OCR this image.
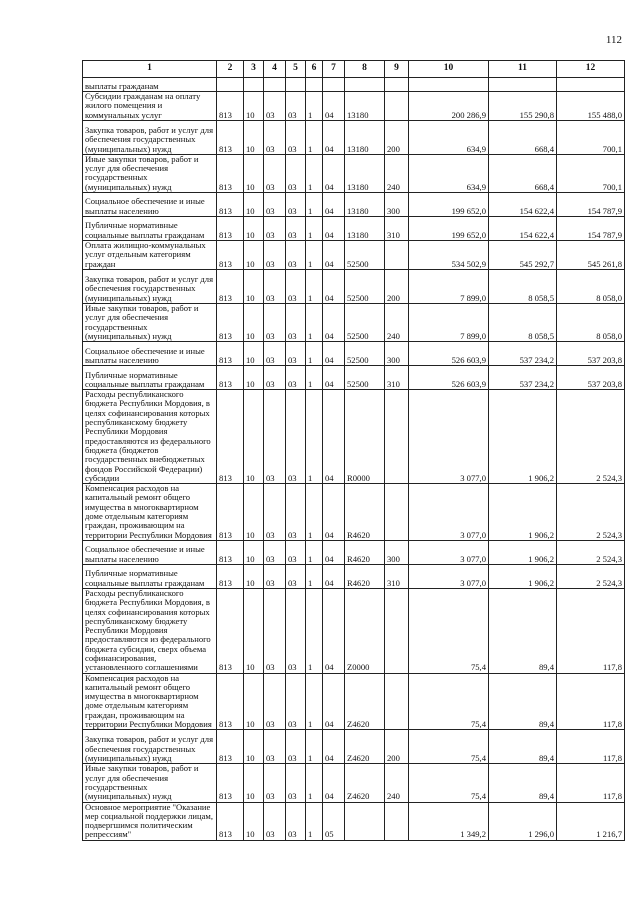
112
1	2	3	4	5	6	7	8	9	10	11	12
выплаты гражданам											
Субсидии гражданам на оплату жилого помещения и коммунальных услуг	813	10	03	03	1	04	13180		200 286,9	155 290,8	155 488,0
Закупка товаров, работ и услуг для обеспечения государственных (муниципальных) нужд	813	10	03	03	1	04	13180	200	634,9	668,4	700,1
Иные закупки товаров, работ и услуг для обеспечения государственных (муниципальных) нужд	813	10	03	03	1	04	13180	240	634,9	668,4	700,1
Социальное обеспечение и иные выплаты населению	813	10	03	03	1	04	13180	300	199 652,0	154 622,4	154 787,9
Публичные нормативные социальные выплаты гражданам	813	10	03	03	1	04	13180	310	199 652,0	154 622,4	154 787,9
Оплата жилищно-коммунальных услуг отдельным категориям граждан	813	10	03	03	1	04	52500		534 502,9	545 292,7	545 261,8
Закупка товаров, работ и услуг для обеспечения государственных (муниципальных) нужд	813	10	03	03	1	04	52500	200	7 899,0	8 058,5	8 058,0
Иные закупки товаров, работ и услуг для обеспечения государственных (муниципальных) нужд	813	10	03	03	1	04	52500	240	7 899,0	8 058,5	8 058,0
Социальное обеспечение и иные выплаты населению	813	10	03	03	1	04	52500	300	526 603,9	537 234,2	537 203,8
Публичные нормативные социальные выплаты гражданам	813	10	03	03	1	04	52500	310	526 603,9	537 234,2	537 203,8
Расходы республиканского бюджета Республики Мордовия, в целях софинансирования которых республиканскому бюджету Республики Мордовия предоставляются из федерального бюджета (бюджетов государственных внебюджетных фондов Российской Федерации) субсидии	813	10	03	03	1	04	R0000		3 077,0	1 906,2	2 524,3
Компенсация расходов на капитальный ремонт общего имущества в многоквартирном доме отдельным категориям граждан, проживающим на территории Республики Мордовия	813	10	03	03	1	04	R4620		3 077,0	1 906,2	2 524,3
Социальное обеспечение и иные выплаты населению	813	10	03	03	1	04	R4620	300	3 077,0	1 906,2	2 524,3
Публичные нормативные социальные выплаты гражданам	813	10	03	03	1	04	R4620	310	3 077,0	1 906,2	2 524,3
Расходы республиканского бюджета Республики Мордовия, в целях софинансирования которых республиканскому бюджету Республики Мордовия предоставляются из федерального бюджета субсидии, сверх объема софинансирования, установленного соглашениями	813	10	03	03	1	04	Z0000		75,4	89,4	117,8
Компенсация расходов на капитальный ремонт общего имущества в многоквартирном доме отдельным категориям граждан, проживающим на территории Республики Мордовия	813	10	03	03	1	04	Z4620		75,4	89,4	117,8
Закупка товаров, работ и услуг для обеспечения государственных (муниципальных) нужд	813	10	03	03	1	04	Z4620	200	75,4	89,4	117,8
Иные закупки товаров, работ и услуг для обеспечения государственных (муниципальных) нужд	813	10	03	03	1	04	Z4620	240	75,4	89,4	117,8
Основное мероприятие "Оказание мер социальной поддержки лицам, подвергшимся политическим репрессиям"	813	10	03	03	1	05			1 349,2	1 296,0	1 216,7
